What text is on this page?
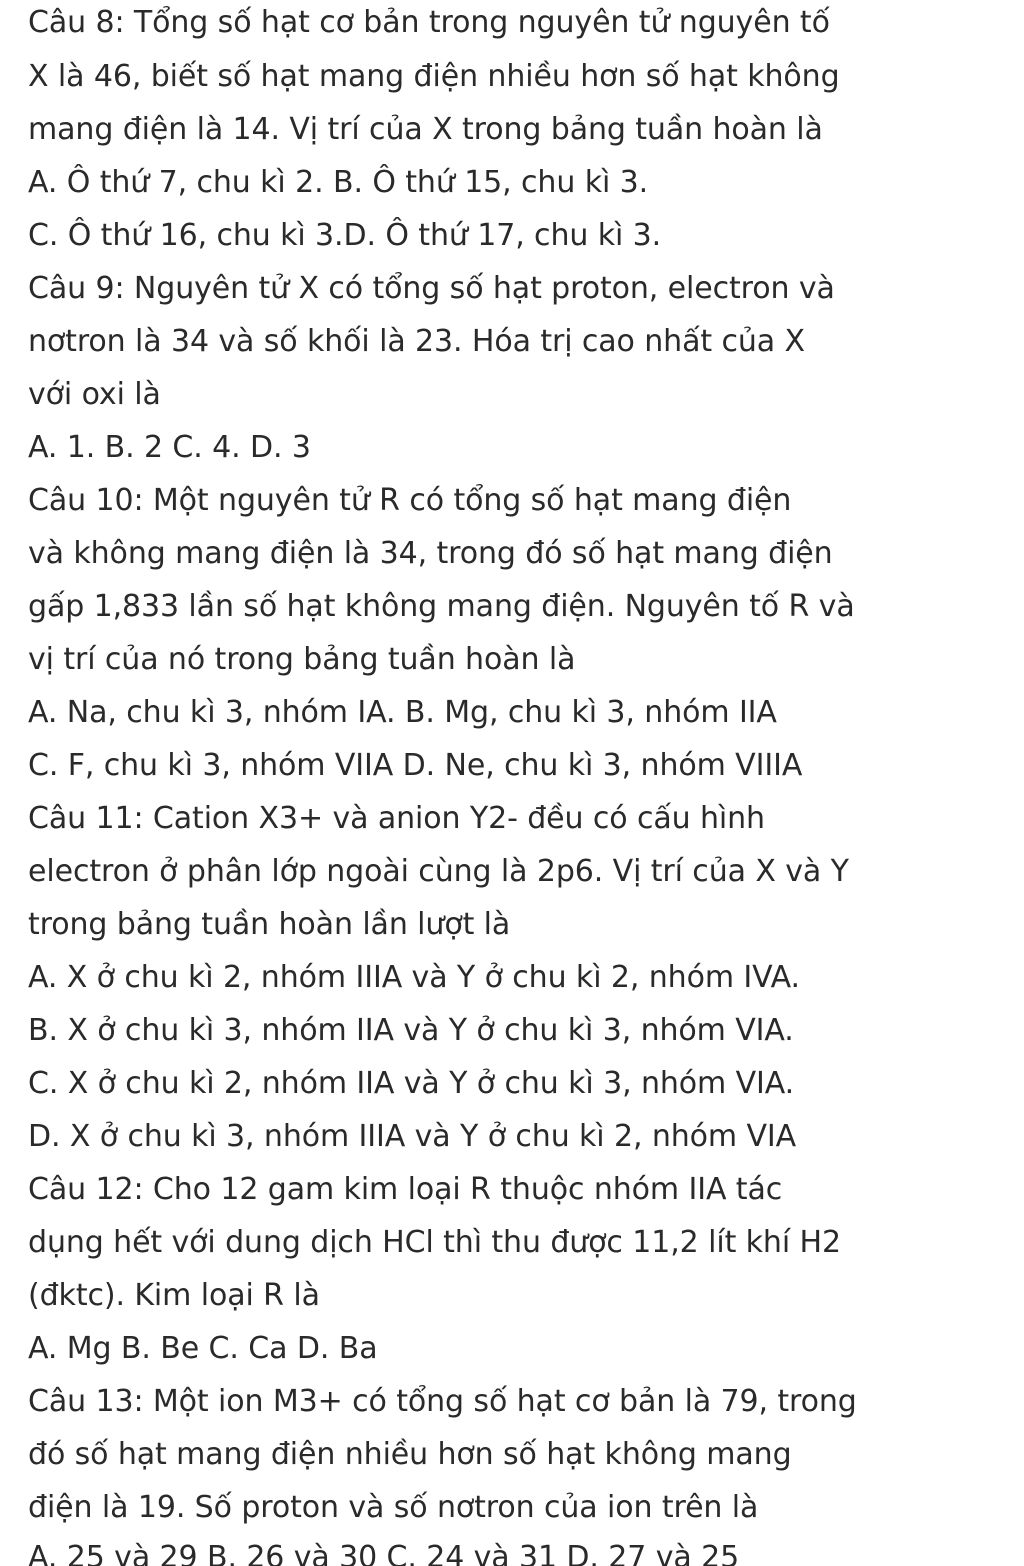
Câu 8: Tổng số hạt cơ bản trong nguyên tử nguyên tố
X là 46, biết số hạt mang điện nhiều hơn số hạt không
mang điện là 14. Vị trí của X trong bảng tuần hoàn là
A. Ô thứ 7, chu kì 2. B. Ô thứ 15, chu kì 3.
C. Ô thứ 16, chu kì 3.D. Ô thứ 17, chu kì 3.
Câu 9: Nguyên tử X có tổng số hạt proton, electron và
nơtron là 34 và số khối là 23. Hóa trị cao nhất của X
với oxi là
A. 1. B. 2 C. 4. D. 3
Câu 10: Một nguyên tử R có tổng số hạt mang điện
và không mang điện là 34, trong đó số hạt mang điện
gấp 1,833 lần số hạt không mang điện. Nguyên tố R và
vị trí của nó trong bảng tuần hoàn là
A. Na, chu kì 3, nhóm IA. B. Mg, chu kì 3, nhóm IIA
C. F, chu kì 3, nhóm VIIA D. Ne, chu kì 3, nhóm VIIIA
Câu 11: Cation X3+ và anion Y2- đều có cấu hình
electron ở phân lớp ngoài cùng là 2p6. Vị trí của X và Y
trong bảng tuần hoàn lần lượt là
A. X ở chu kì 2, nhóm IIIA và Y ở chu kì 2, nhóm IVA.
B. X ở chu kì 3, nhóm IIA và Y ở chu kì 3, nhóm VIA.
C. X ở chu kì 2, nhóm IIA và Y ở chu kì 3, nhóm VIA.
D. X ở chu kì 3, nhóm IIIA và Y ở chu kì 2, nhóm VIA
Câu 12: Cho 12 gam kim loại R thuộc nhóm IIA tác
dụng hết với dung dịch HCl thì thu được 11,2 lít khí H2
(đktc). Kim loại R là
A. Mg B. Be C. Ca D. Ba
Câu 13: Một ion M3+ có tổng số hạt cơ bản là 79, trong
đó số hạt mang điện nhiều hơn số hạt không mang
điện là 19. Số proton và số nơtron của ion trên là
A. 25 và 29 B. 26 và 30 C. 24 và 31 D. 27 và 25
